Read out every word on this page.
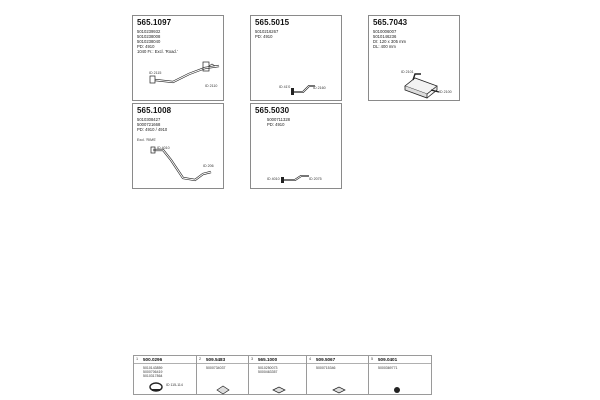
565.1097
5010239932
5010238008
5010238040
PD: 4910
1040 Fr.: Excl. 'Road.'
ID 2115
ID 2110
565.5015
5010216267
PD: 4910
ID 41'0	ID 2160
565.7043
5010006007
5010146236
DI: 120 x 305 mm
DL: 400 mm
ID 2101
ID 2100
565.1008
5010308427
5000721668
PD: 4910 / 4910
Excl. 'RIMS'
ID 4010
ID 206
565.5030
5000711328
PD: 4910
ID 4010	ID 2075
1 500.0296
5010143859
5000706419
5010317864
ID 115-114
2 509.5483
5000734037
3 565.1000
5010250073
5000463357
4 509.5067
5000715346
5 509.0401
5000369771
